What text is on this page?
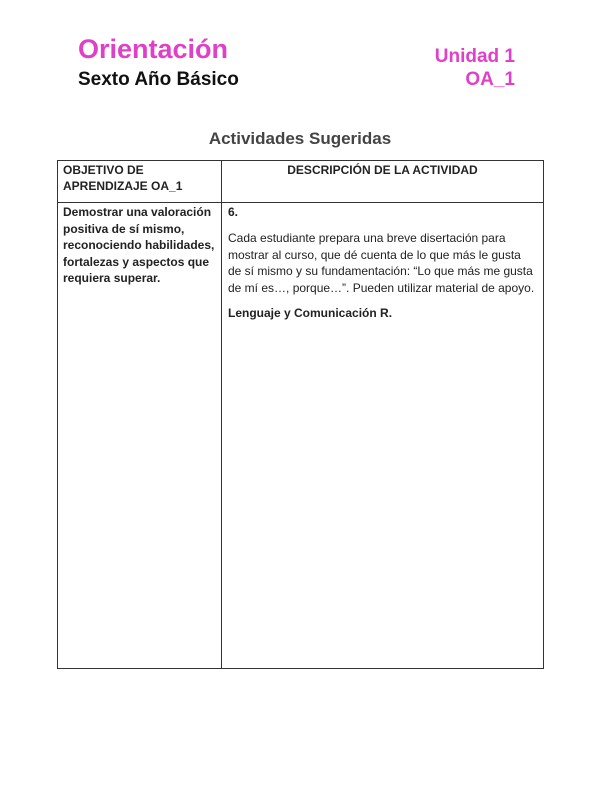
Orientación
Sexto Año Básico
Unidad 1
OA_1
Actividades Sugeridas
OBJETIVO DE APRENDIZAJE OA_1	DESCRIPCIÓN DE LA ACTIVIDAD
Demostrar una valoración positiva de sí mismo, reconociendo habilidades, fortalezas y aspectos que requiera superar.	6.
Cada estudiante prepara una breve disertación para mostrar al curso, que dé cuenta de lo que más le gusta de sí mismo y su fundamentación: “Lo que más me gusta de mí es…, porque…”. Pueden utilizar material de apoyo.
Lenguaje y Comunicación R.
